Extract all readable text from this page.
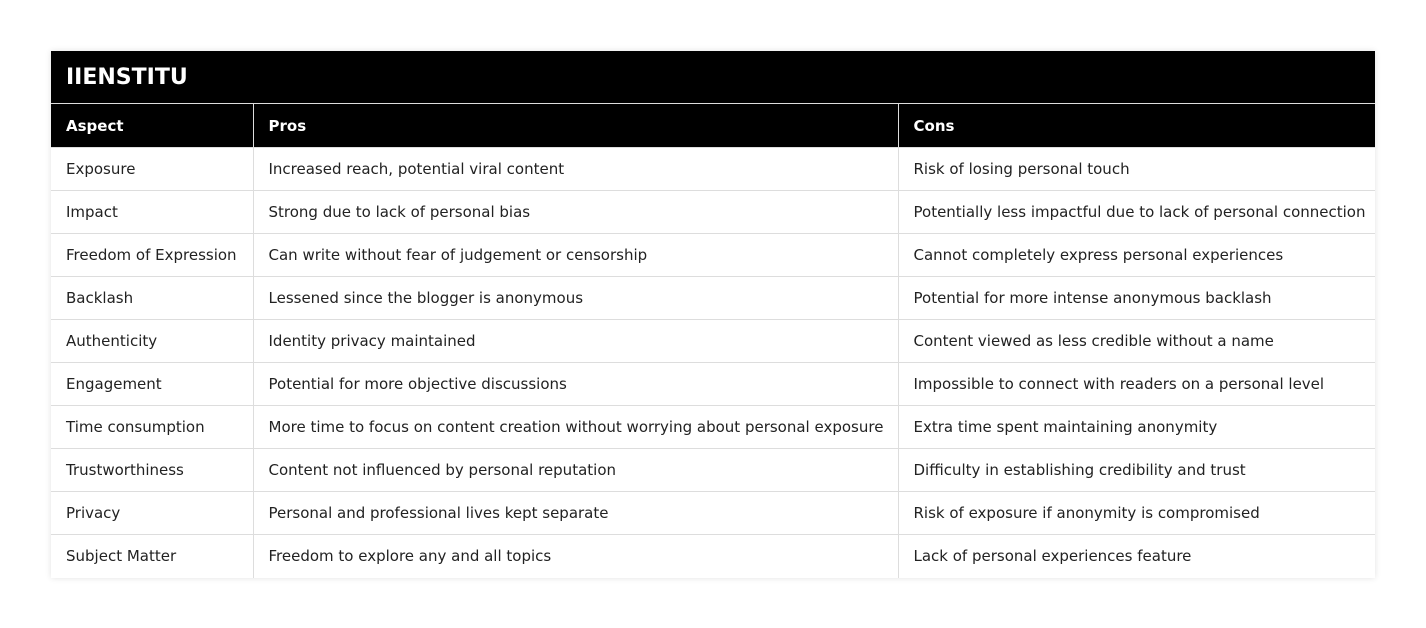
IIENSTITU
Aspect	Pros	Cons
Exposure	Increased reach, potential viral content	Risk of losing personal touch
Impact	Strong due to lack of personal bias	Potentially less impactful due to lack of personal connection
Freedom of Expression	Can write without fear of judgement or censorship	Cannot completely express personal experiences
Backlash	Lessened since the blogger is anonymous	Potential for more intense anonymous backlash
Authenticity	Identity privacy maintained	Content viewed as less credible without a name
Engagement	Potential for more objective discussions	Impossible to connect with readers on a personal level
Time consumption	More time to focus on content creation without worrying about personal exposure	Extra time spent maintaining anonymity
Trustworthiness	Content not influenced by personal reputation	Difficulty in establishing credibility and trust
Privacy	Personal and professional lives kept separate	Risk of exposure if anonymity is compromised
Subject Matter	Freedom to explore any and all topics	Lack of personal experiences feature
